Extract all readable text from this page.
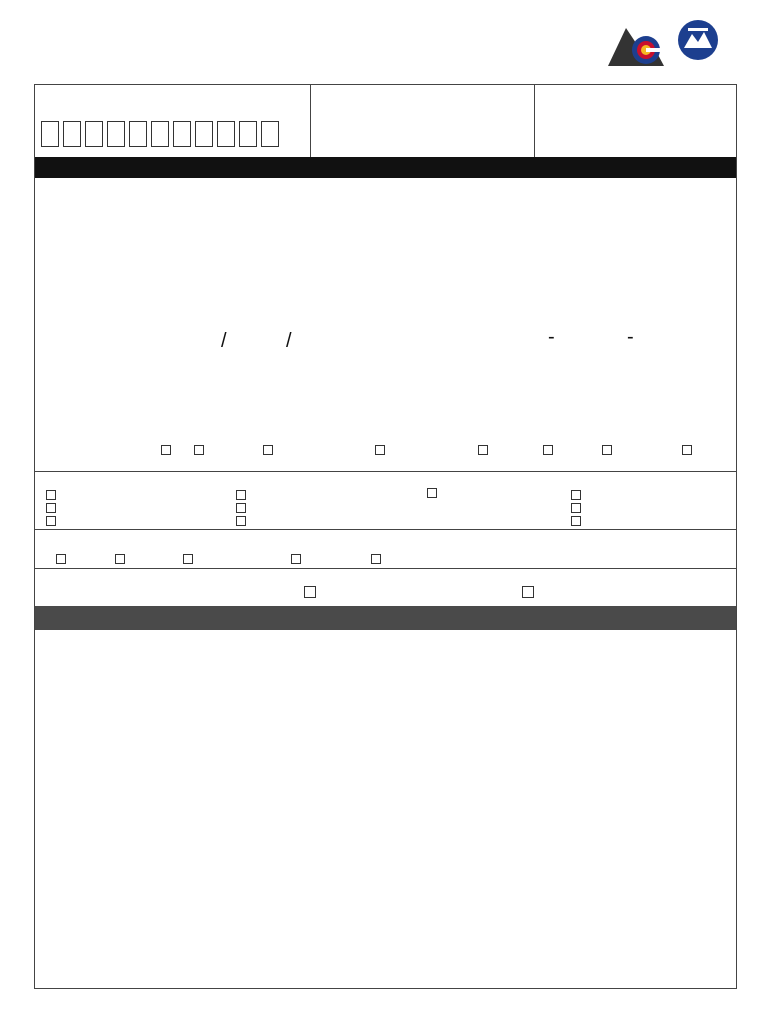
/	/	-	-
